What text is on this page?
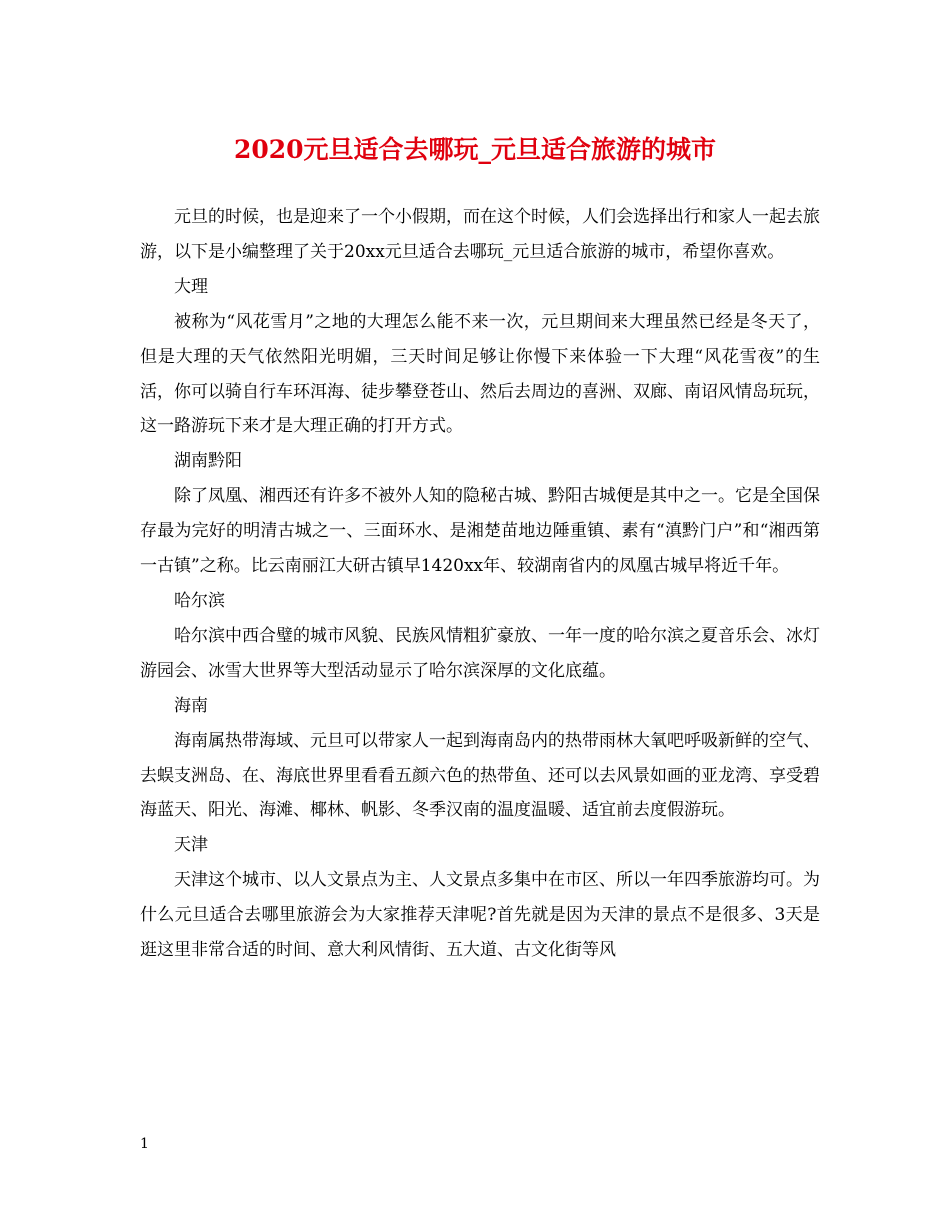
2020元旦适合去哪玩_元旦适合旅游的城市

元旦的时候，也是迎来了一个小假期，而在这个时候，人们会选择出行和家人一起去旅游，以下是小编整理了关于20xx元旦适合去哪玩_元旦适合旅游的城市，希望你喜欢。

大理

被称为“风花雪月”之地的大理怎么能不来一次，元旦期间来大理虽然已经是冬天了，但是大理的天气依然阳光明媚，三天时间足够让你慢下来体验一下大理“风花雪夜”的生活，你可以骑自行车环洱海、徒步攀登苍山、然后去周边的喜洲、双廊、南诏风情岛玩玩，这一路游玩下来才是大理正确的打开方式。

湖南黔阳

除了凤凰、湘西还有许多不被外人知的隐秘古城、黔阳古城便是其中之一。它是全国保存最为完好的明清古城之一、三面环水、是湘楚苗地边陲重镇、素有“滇黔门户”和“湘西第一古镇”之称。比云南丽江大研古镇早1420xx年、较湖南省内的凤凰古城早将近千年。

哈尔滨

哈尔滨中西合璧的城市风貌、民族风情粗犷豪放、一年一度的哈尔滨之夏音乐会、冰灯游园会、冰雪大世界等大型活动显示了哈尔滨深厚的文化底蕴。

海南

海南属热带海域、元旦可以带家人一起到海南岛内的热带雨林大氧吧呼吸新鲜的空气、去蜈支洲岛、在、海底世界里看看五颜六色的热带鱼、还可以去风景如画的亚龙湾、享受碧海蓝天、阳光、海滩、椰林、帆影、冬季汉南的温度温暖、适宜前去度假游玩。

天津

天津这个城市、以人文景点为主、人文景点多集中在市区、所以一年四季旅游均可。为什么元旦适合去哪里旅游会为大家推荐天津呢?首先就是因为天津的景点不是很多、3天是逛这里非常合适的时间、意大利风情街、五大道、古文化街等风

1
